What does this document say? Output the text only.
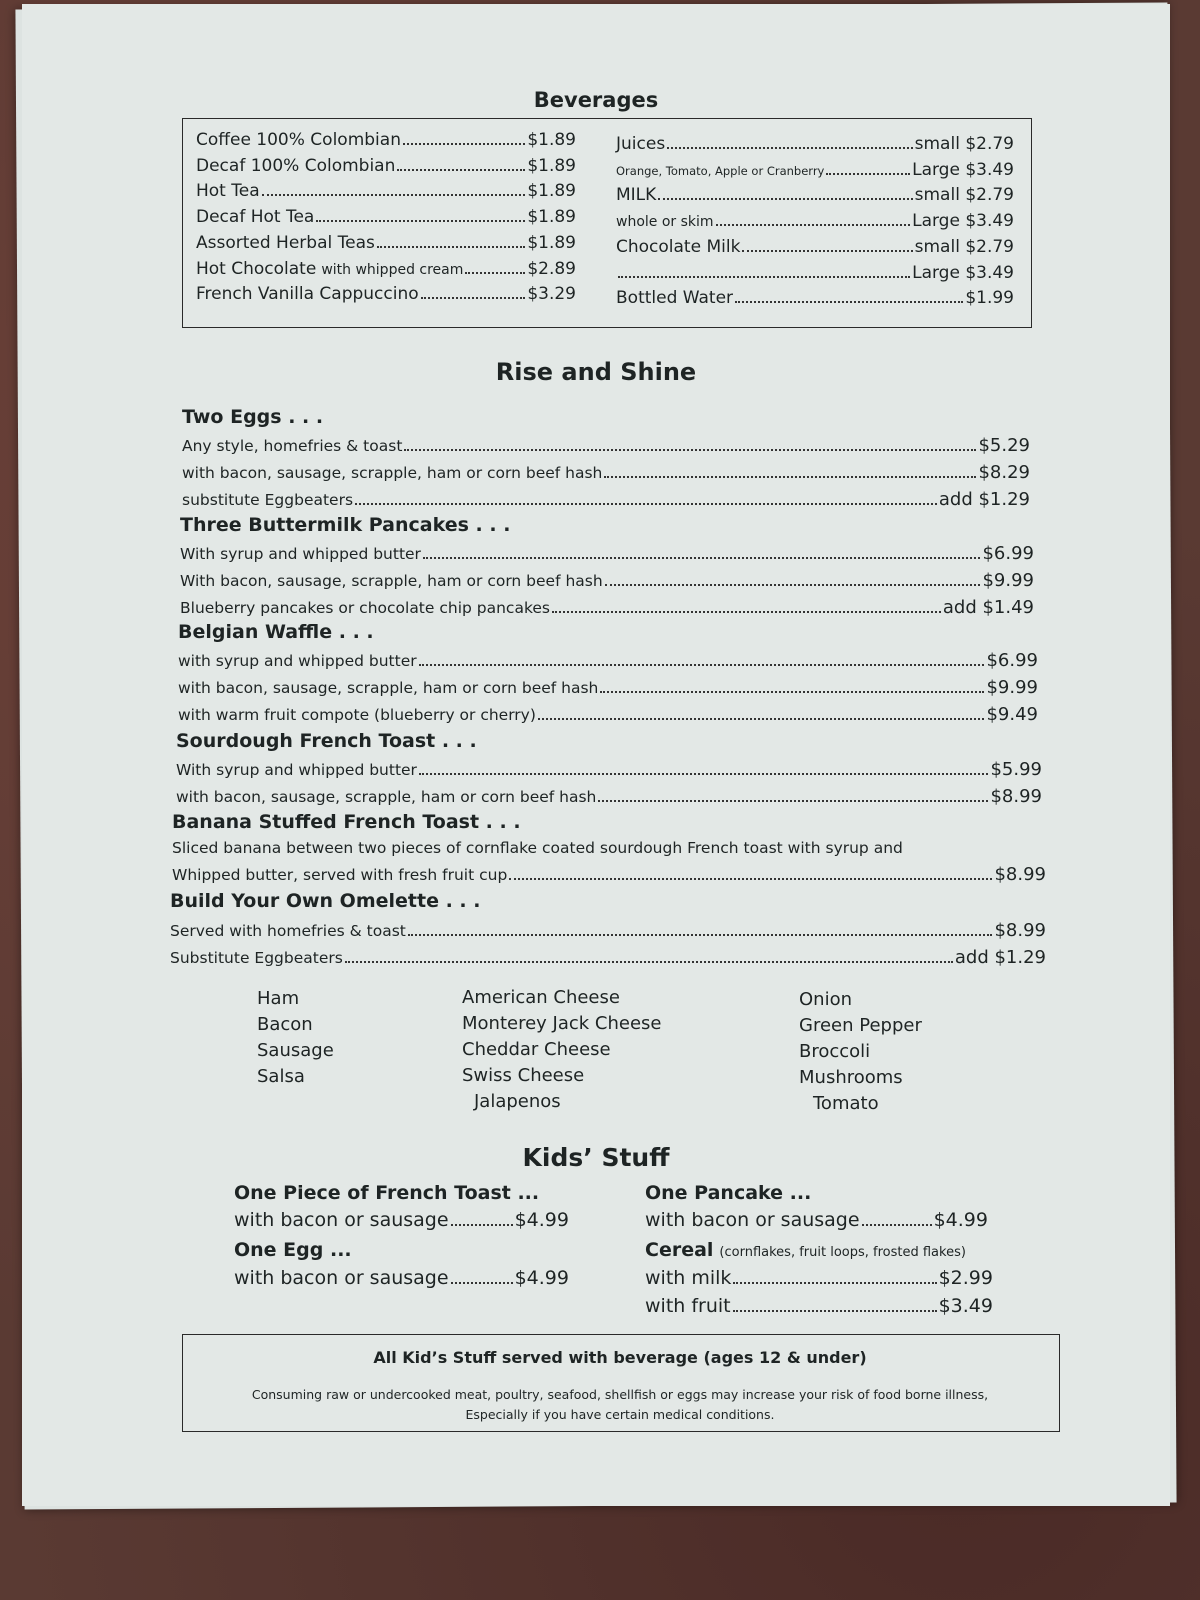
Beverages
Coffee 100% Colombian	$1.89
Decaf 100% Colombian	$1.89
Hot Tea	$1.89
Decaf Hot Tea	$1.89
Assorted Herbal Teas	$1.89
Hot Chocolate with whipped cream	$2.89
French Vanilla Cappuccino	$3.29
Juices	small $2.79
Orange, Tomato, Apple or Cranberry	Large $3.49
MILK	small $2.79
whole or skim	Large $3.49
Chocolate Milk	small $2.79
Large $3.49
Bottled Water	$1.99
Rise and Shine
Two Eggs . . .
Any style, homefries & toast	$5.29
with bacon, sausage, scrapple, ham or corn beef hash	$8.29
substitute Eggbeaters	add $1.29
Three Buttermilk Pancakes . . .
With syrup and whipped butter	$6.99
With bacon, sausage, scrapple, ham or corn beef hash	$9.99
Blueberry pancakes or chocolate chip pancakes	add $1.49
Belgian Waffle . . .
with syrup and whipped butter	$6.99
with bacon, sausage, scrapple, ham or corn beef hash	$9.99
with warm fruit compote (blueberry or cherry)	$9.49
Sourdough French Toast . . .
With syrup and whipped butter	$5.99
with bacon, sausage, scrapple, ham or corn beef hash	$8.99
Banana Stuffed French Toast . . .
Sliced banana between two pieces of cornflake coated sourdough French toast with syrup and
Whipped butter, served with fresh fruit cup	$8.99
Build Your Own Omelette . . .
Served with homefries & toast	$8.99
Substitute Eggbeaters	add $1.29
Ham
Bacon
Sausage
Salsa
American Cheese
Monterey Jack Cheese
Cheddar Cheese
Swiss Cheese
Jalapenos
Onion
Green Pepper
Broccoli
Mushrooms
Tomato
Kids’ Stuff
One Piece of French Toast ...
with bacon or sausage	$4.99
One Egg ...
with bacon or sausage	$4.99
One Pancake ...
with bacon or sausage	$4.99
Cereal (cornflakes, fruit loops, frosted flakes)
with milk	$2.99
with fruit	$3.49
All Kid’s Stuff served with beverage (ages 12 & under)
Consuming raw or undercooked meat, poultry, seafood, shellfish or eggs may increase your risk of food borne illness,
Especially if you have certain medical conditions.
